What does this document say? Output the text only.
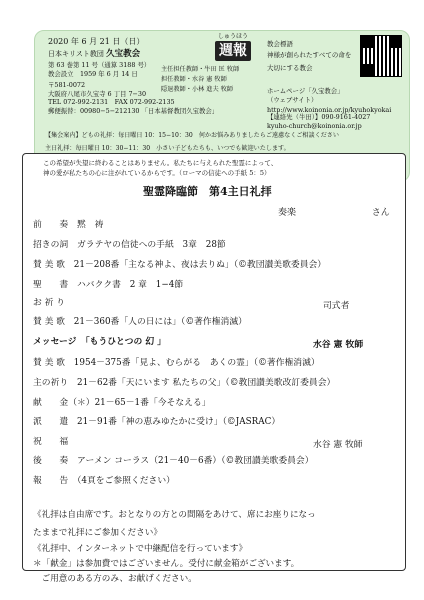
2020 年 6 月 21 日（日）
日本キリスト教団 久宝教会
第 63 巻第 11 号（通算 3188 号）
教会設立　1959 年 6 月 14 日
しゅうほう
週報
主任担任教師・牛田 匡 牧師
担任教師・水谷 憲 牧師
隠退教師・小林 進夫 牧師
教会標語
神様が創られたすべての命を
大切にする教会
〒581-0072
大阪府八尾市久宝寺 6 丁目 7−30
TEL 072-992-2131　FAX 072-992-2135
郵便振替：00980−5−212130 「日本基督教団久宝教会」
ホームページ「久宝教会」
（ウェブサイト）
http://www.koinonia.or.jp/kyuhokyokai
【連絡先（牛田）】090-9161-4027
kyuho-church@koinonia.or.jp
【集会案内】どもの礼拝：毎日曜日 10：15−10：30　何かお悩みありましたらご遠慮なくご相談ください
主日礼拝：毎日曜日 10：30−11：30　小さい子どもたちも、いつでも歓迎いたします。
この希望が失望に終わることはありません。私たちに与えられた聖霊によって、
神の愛が私たちの心に注がれているからです。（ローマの信徒への手紙 5：5）
聖霊降臨節　第4主日礼拝
奏楽	さん
前　　奏　黙　祷
招きの詞　ガラテヤの信徒への手紙　3章　28節
賛 美 歌　21－208番「主なる神よ、夜は去りぬ」（©教団讃美歌委員会）
聖　　書　ハバクク書　2 章　1−4節
お 祈 り	司式者
賛 美 歌　21－360番「人の日には」（©著作権消滅）
メッセージ　「もうひとつの 幻 」	水谷 憲 牧師
賛 美 歌　1954－375番「見よ、むらがる　あくの霊」（©著作権消滅）
主の祈り　21－62番「天にいます 私たちの父」（©教団讃美歌改訂委員会）
献　　金（＊）21－65－1番「今そなえる」
派　　遣　21－91番「神の恵みゆたかに受け」（©JASRAC）
祝　　福	水谷 憲 牧師
後　　奏　アーメン コーラス（21－40－6番）（©教団讃美歌委員会）
報　　告　（4頁をご参照ください）
《礼拝は自由席です。おとなりの方との間隔をあけて、席にお座りになっ
たままで礼拝にご参加ください》
《礼拝中、インターネットで中継配信を行っています》
＊「献金」は参加費ではございません。受付に献金箱がございます。
　ご用意のある方のみ、お献げください。
